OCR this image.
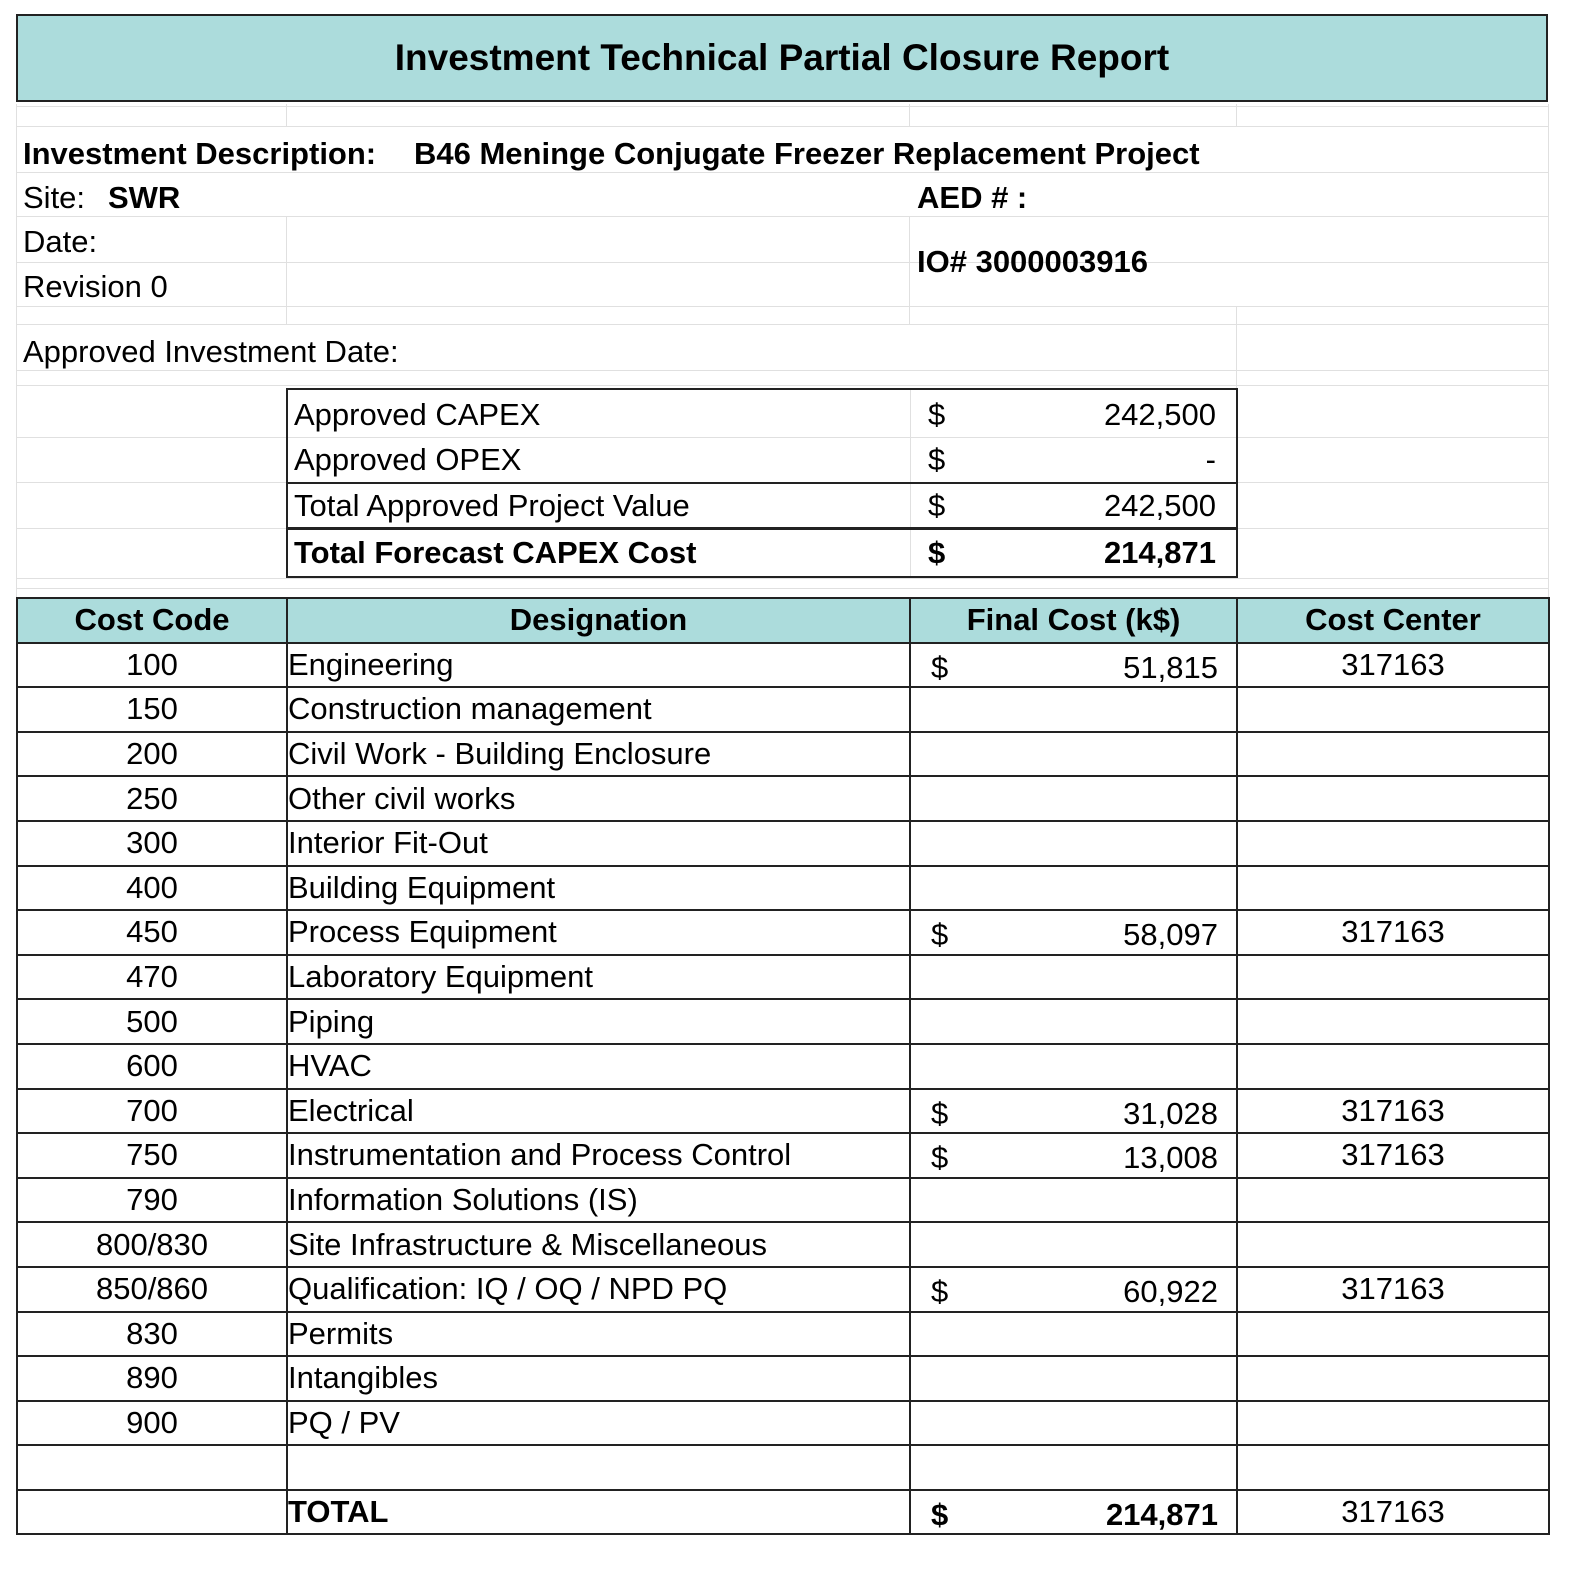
Investment Technical Partial Closure Report
Investment Description: B46 Meninge Conjugate Freezer Replacement Project
Site: SWR	AED # :
Date:
IO# 3000003916
Revision 0
Approved Investment Date:
Approved CAPEX	$	242,500
Approved OPEX	$	-
Total Approved Project Value	$	242,500
Total Forecast CAPEX Cost	$	214,871
Cost Code	Designation	Final Cost (k$)	Cost Center
100	Engineering	$ 51,815	317163
150	Construction management	

200	Civil Work - Building Enclosure	

250	Other civil works	

300	Interior Fit-Out	

400	Building Equipment	

450	Process Equipment	$ 58,097	317163
470	Laboratory Equipment	

500	Piping	

600	HVAC	

700	Electrical	$ 31,028	317163
750	Instrumentation and Process Control	$ 13,008	317163
790	Information Solutions (IS)	

800/830	Site Infrastructure & Miscellaneous	

850/860	Qualification: IQ / OQ / NPD PQ	$ 60,922	317163
830	Permits	

890	Intangibles	

900	PQ / PV	

	TOTAL	$ 214,871	317163
